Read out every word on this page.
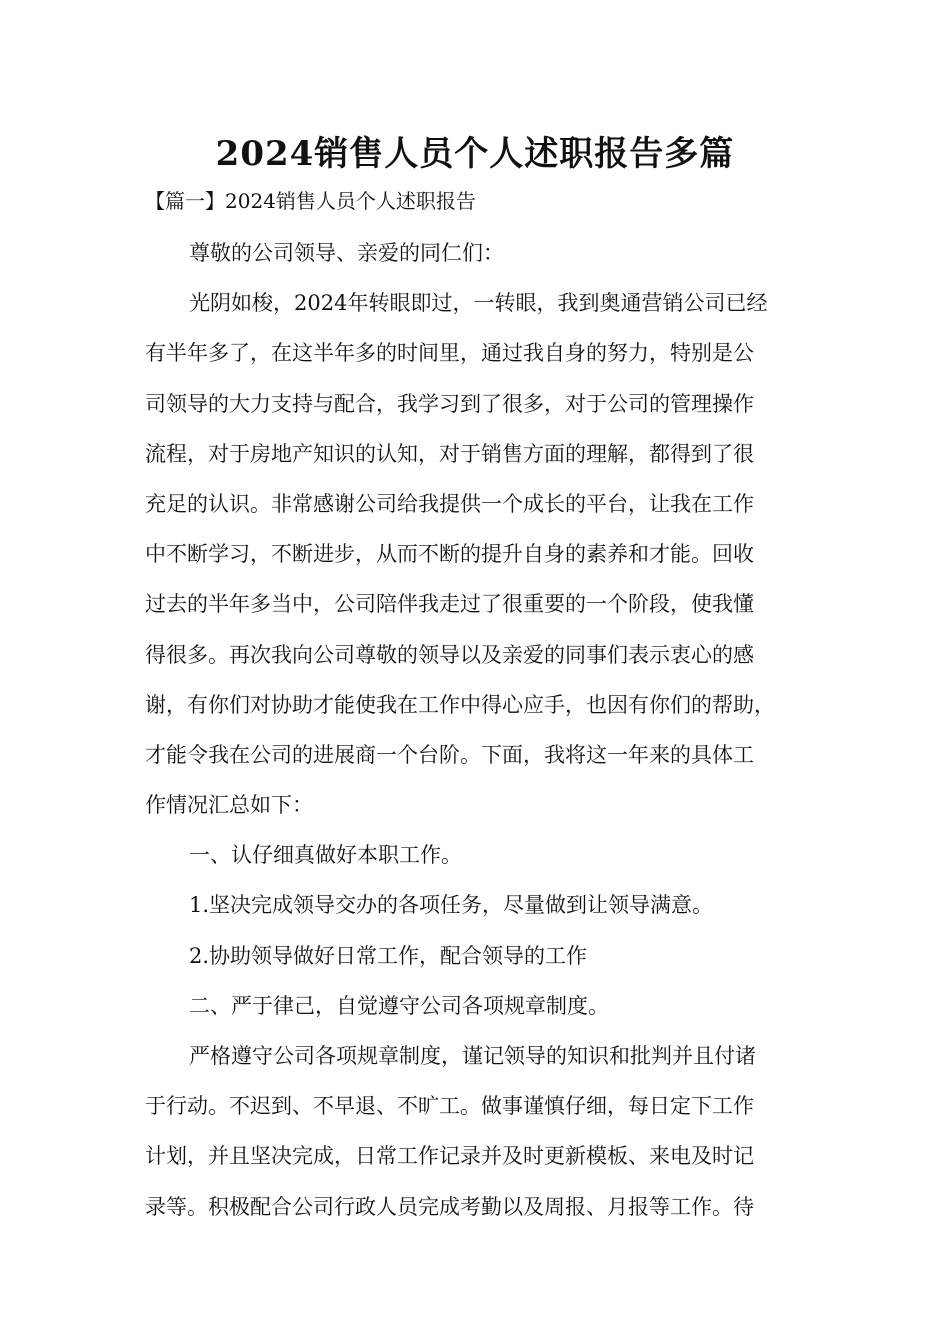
2024销售人员个人述职报告多篇
【篇一】2024销售人员个人述职报告
尊敬的公司领导、亲爱的同仁们：
光阴如梭，2024年转眼即过，一转眼，我到奥通营销公司已经
有半年多了，在这半年多的时间里，通过我自身的努力，特别是公
司领导的大力支持与配合，我学习到了很多，对于公司的管理操作
流程，对于房地产知识的认知，对于销售方面的理解，都得到了很
充足的认识。非常感谢公司给我提供一个成长的平台，让我在工作
中不断学习，不断进步，从而不断的提升自身的素养和才能。回收
过去的半年多当中，公司陪伴我走过了很重要的一个阶段，使我懂
得很多。再次我向公司尊敬的领导以及亲爱的同事们表示衷心的感
谢，有你们对协助才能使我在工作中得心应手，也因有你们的帮助，
才能令我在公司的进展商一个台阶。下面，我将这一年来的具体工
作情况汇总如下：
一、认仔细真做好本职工作。
1.坚决完成领导交办的各项任务，尽量做到让领导满意。
2.协助领导做好日常工作，配合领导的工作
二、严于律己，自觉遵守公司各项规章制度。
严格遵守公司各项规章制度，谨记领导的知识和批判并且付诸
于行动。不迟到、不早退、不旷工。做事谨慎仔细，每日定下工作
计划，并且坚决完成，日常工作记录并及时更新模板、来电及时记
录等。积极配合公司行政人员完成考勤以及周报、月报等工作。待
